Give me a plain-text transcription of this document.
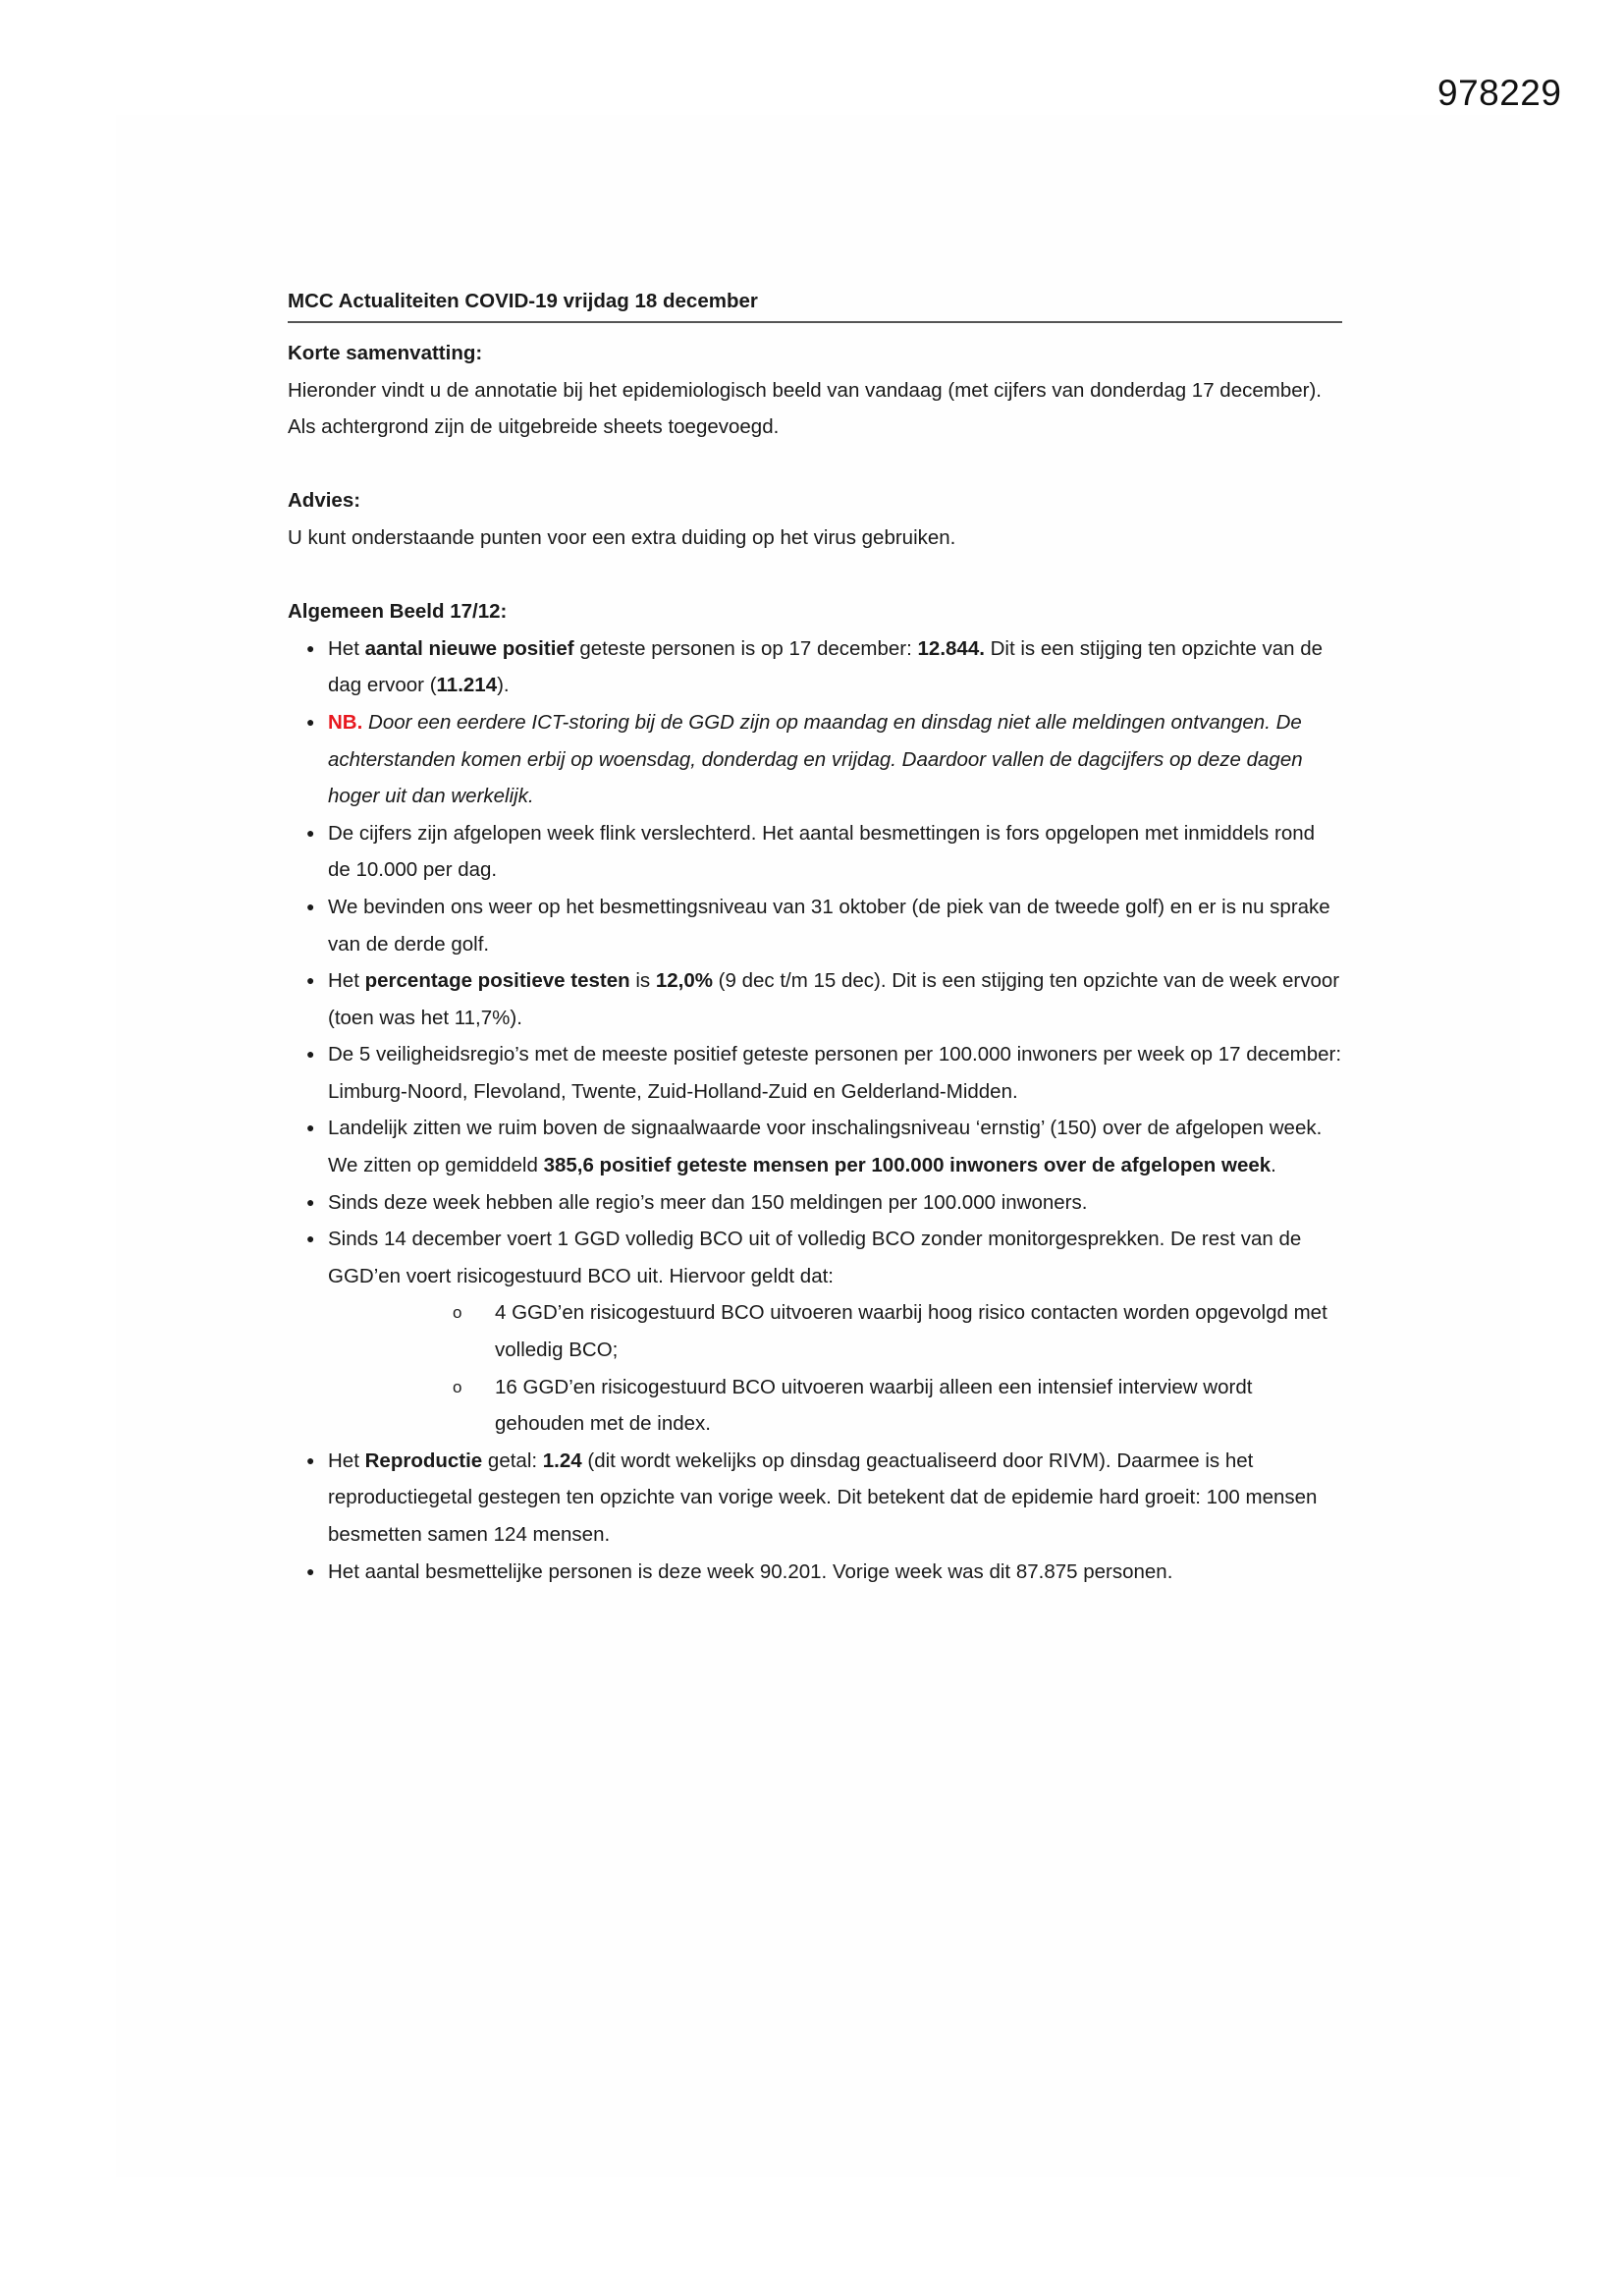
978229
MCC Actualiteiten COVID-19 vrijdag 18 december
Korte samenvatting:

Hieronder vindt u de annotatie bij het epidemiologisch beeld van vandaag (met cijfers van donderdag 17 december). Als achtergrond zijn de uitgebreide sheets toegevoegd.

Advies:

U kunt onderstaande punten voor een extra duiding op het virus gebruiken.

Algemeen Beeld 17/12:
● Het aantal nieuwe positief geteste personen is op 17 december: 12.844. Dit is een stijging ten opzichte van de dag ervoor (11.214).
● NB. Door een eerdere ICT-storing bij de GGD zijn op maandag en dinsdag niet alle meldingen ontvangen. De achterstanden komen erbij op woensdag, donderdag en vrijdag. Daardoor vallen de dagcijfers op deze dagen hoger uit dan werkelijk.
● De cijfers zijn afgelopen week flink verslechterd. Het aantal besmettingen is fors opgelopen met inmiddels rond de 10.000 per dag.
● We bevinden ons weer op het besmettingsniveau van 31 oktober (de piek van de tweede golf) en er is nu sprake van de derde golf.
● Het percentage positieve testen is 12,0% (9 dec t/m 15 dec). Dit is een stijging ten opzichte van de week ervoor (toen was het 11,7%).
● De 5 veiligheidsregio’s met de meeste positief geteste personen per 100.000 inwoners per week op 17 december: Limburg-Noord, Flevoland, Twente, Zuid-Holland-Zuid en Gelderland-Midden.
● Landelijk zitten we ruim boven de signaalwaarde voor inschalingsniveau ‘ernstig’ (150) over de afgelopen week. We zitten op gemiddeld 385,6 positief geteste mensen per 100.000 inwoners over de afgelopen week.
● Sinds deze week hebben alle regio’s meer dan 150 meldingen per 100.000 inwoners.
● Sinds 14 december voert 1 GGD volledig BCO uit of volledig BCO zonder monitorgesprekken. De rest van de GGD’en voert risicogestuurd BCO uit. Hiervoor geldt dat:
o 4 GGD’en risicogestuurd BCO uitvoeren waarbij hoog risico contacten worden opgevolgd met volledig BCO;
o 16 GGD’en risicogestuurd BCO uitvoeren waarbij alleen een intensief interview wordt gehouden met de index.
● Het Reproductie getal: 1.24 (dit wordt wekelijks op dinsdag geactualiseerd door RIVM). Daarmee is het reproductiegetal gestegen ten opzichte van vorige week. Dit betekent dat de epidemie hard groeit: 100 mensen besmetten samen 124 mensen.
● Het aantal besmettelijke personen is deze week 90.201. Vorige week was dit 87.875 personen.
